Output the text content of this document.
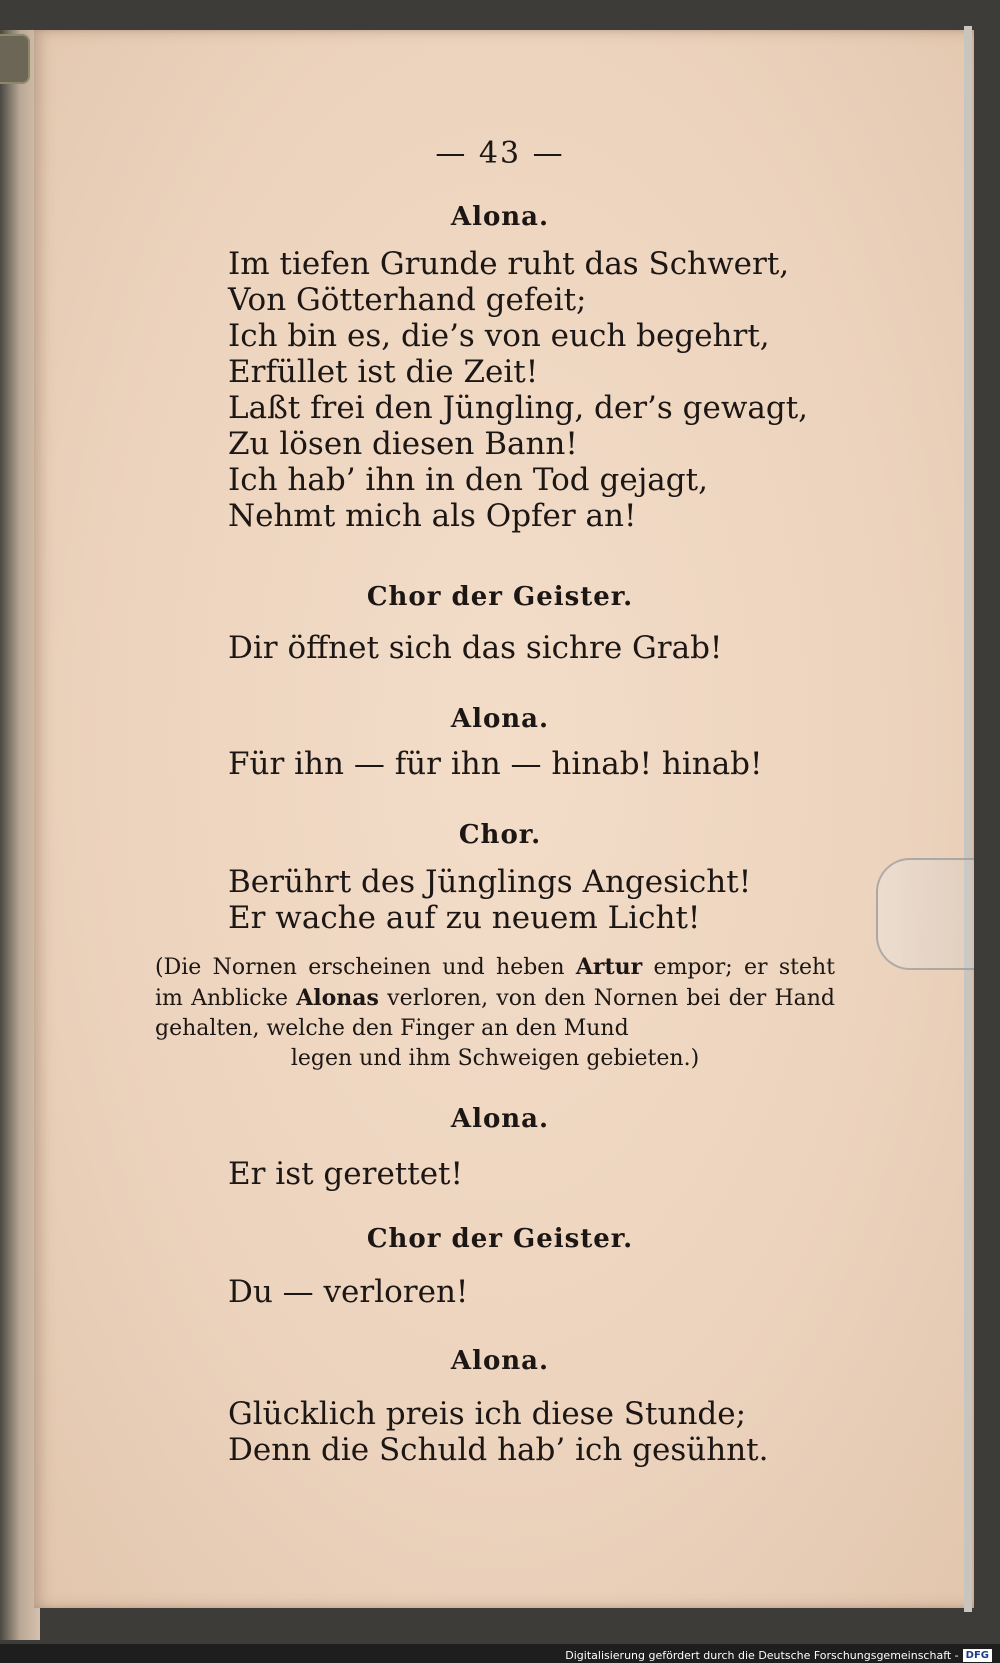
— 43 —
Alona.
Im tiefen Grunde ruht das Schwert,
Von Götterhand gefeit;
Ich bin es, die’s von euch begehrt,
Erfüllet ist die Zeit!
Laßt frei den Jüngling, der’s gewagt,
Zu lösen diesen Bann!
Ich hab’ ihn in den Tod gejagt,
Nehmt mich als Opfer an!
Chor der Geister.
Dir öffnet sich das sichre Grab!
Alona.
Für ihn — für ihn — hinab! hinab!
Chor.
Berührt des Jünglings Angesicht!
Er wache auf zu neuem Licht!
(Die Nornen erscheinen und heben Artur empor; er steht im Anblicke Alonas verloren, von den Nornen bei der Hand gehalten, welche den Finger an den Mund
legen und ihm Schweigen gebieten.)
Alona.
Er ist gerettet!
Chor der Geister.
Du — verloren!
Alona.
Glücklich preis ich diese Stunde;
Denn die Schuld hab’ ich gesühnt.
Digitalisierung gefördert durch die Deutsche Forschungsgemeinschaft - DFG
